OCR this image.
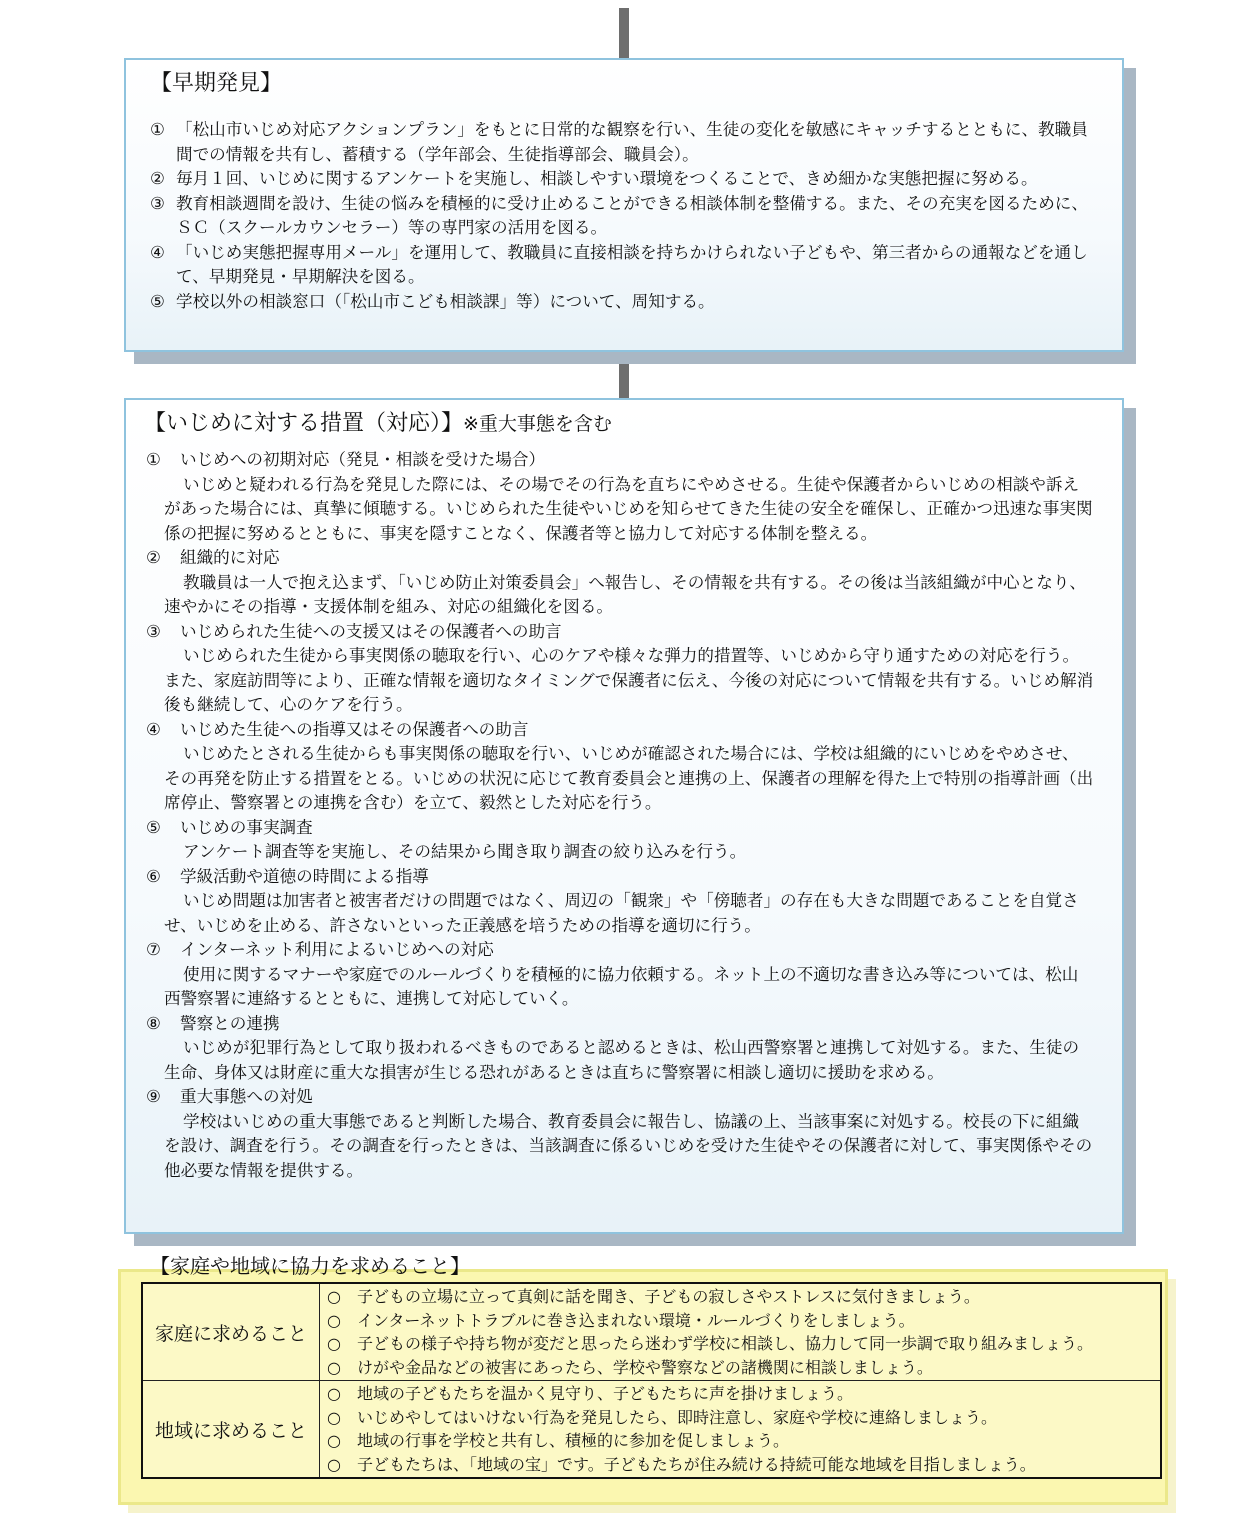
【早期発見】

① 「松山市いじめ対応アクションプラン」をもとに日常的な観察を行い、生徒の変化を敏感にキャッチするとともに、教職員間での情報を共有し、蓄積する（学年部会、生徒指導部会、職員会）。

② 毎月１回、いじめに関するアンケートを実施し、相談しやすい環境をつくることで、きめ細かな実態把握に努める。

③ 教育相談週間を設け、生徒の悩みを積極的に受け止めることができる相談体制を整備する。また、その充実を図るために、ＳＣ（スクールカウンセラー）等の専門家の活用を図る。

④ 「いじめ実態把握専用メール」を運用して、教職員に直接相談を持ちかけられない子どもや、第三者からの通報などを通して、早期発見・早期解決を図る。

⑤ 学校以外の相談窓口（「松山市こども相談課」等）について、周知する。

【いじめに対する措置（対応）】※重大事態を含む

① いじめへの初期対応（発見・相談を受けた場合）

いじめと疑われる行為を発見した際には、その場でその行為を直ちにやめさせる。生徒や保護者からいじめの相談や訴えがあった場合には、真摯に傾聴する。いじめられた生徒やいじめを知らせてきた生徒の安全を確保し、正確かつ迅速な事実関係の把握に努めるとともに、事実を隠すことなく、保護者等と協力して対応する体制を整える。

② 組織的に対応

教職員は一人で抱え込まず、「いじめ防止対策委員会」へ報告し、その情報を共有する。その後は当該組織が中心となり、速やかにその指導・支援体制を組み、対応の組織化を図る。

③ いじめられた生徒への支援又はその保護者への助言

いじめられた生徒から事実関係の聴取を行い、心のケアや様々な弾力的措置等、いじめから守り通すための対応を行う。また、家庭訪問等により、正確な情報を適切なタイミングで保護者に伝え、今後の対応について情報を共有する。いじめ解消後も継続して、心のケアを行う。

④ いじめた生徒への指導又はその保護者への助言

いじめたとされる生徒からも事実関係の聴取を行い、いじめが確認された場合には、学校は組織的にいじめをやめさせ、その再発を防止する措置をとる。いじめの状況に応じて教育委員会と連携の上、保護者の理解を得た上で特別の指導計画（出席停止、警察署との連携を含む）を立て、毅然とした対応を行う。

⑤ いじめの事実調査

アンケート調査等を実施し、その結果から聞き取り調査の絞り込みを行う。

⑥ 学級活動や道徳の時間による指導

いじめ問題は加害者と被害者だけの問題ではなく、周辺の「観衆」や「傍聴者」の存在も大きな問題であることを自覚させ、いじめを止める、許さないといった正義感を培うための指導を適切に行う。

⑦ インターネット利用によるいじめへの対応

使用に関するマナーや家庭でのルールづくりを積極的に協力依頼する。ネット上の不適切な書き込み等については、松山西警察署に連絡するとともに、連携して対応していく。

⑧ 警察との連携

いじめが犯罪行為として取り扱われるべきものであると認めるときは、松山西警察署と連携して対処する。また、生徒の生命、身体又は財産に重大な損害が生じる恐れがあるときは直ちに警察署に相談し適切に援助を求める。

⑨ 重大事態への対処

学校はいじめの重大事態であると判断した場合、教育委員会に報告し、協議の上、当該事案に対処する。校長の下に組織を設け、調査を行う。その調査を行ったときは、当該調査に係るいじめを受けた生徒やその保護者に対して、事実関係やその他必要な情報を提供する。

【家庭や地域に協力を求めること】
家庭に求めること	○ 子どもの立場に立って真剣に話を聞き、子どもの寂しさやストレスに気付きましょう。
○ インターネットトラブルに巻き込まれない環境・ルールづくりをしましょう。
○ 子どもの様子や持ち物が変だと思ったら迷わず学校に相談し、協力して同一歩調で取り組みましょう。
○ けがや金品などの被害にあったら、学校や警察などの諸機関に相談しましょう。

地域に求めること	○ 地域の子どもたちを温かく見守り、子どもたちに声を掛けましょう。
○ いじめやしてはいけない行為を発見したら、即時注意し、家庭や学校に連絡しましょう。
○ 地域の行事を学校と共有し、積極的に参加を促しましょう。
○ 子どもたちは、「地域の宝」です。子どもたちが住み続ける持続可能な地域を目指しましょう。
